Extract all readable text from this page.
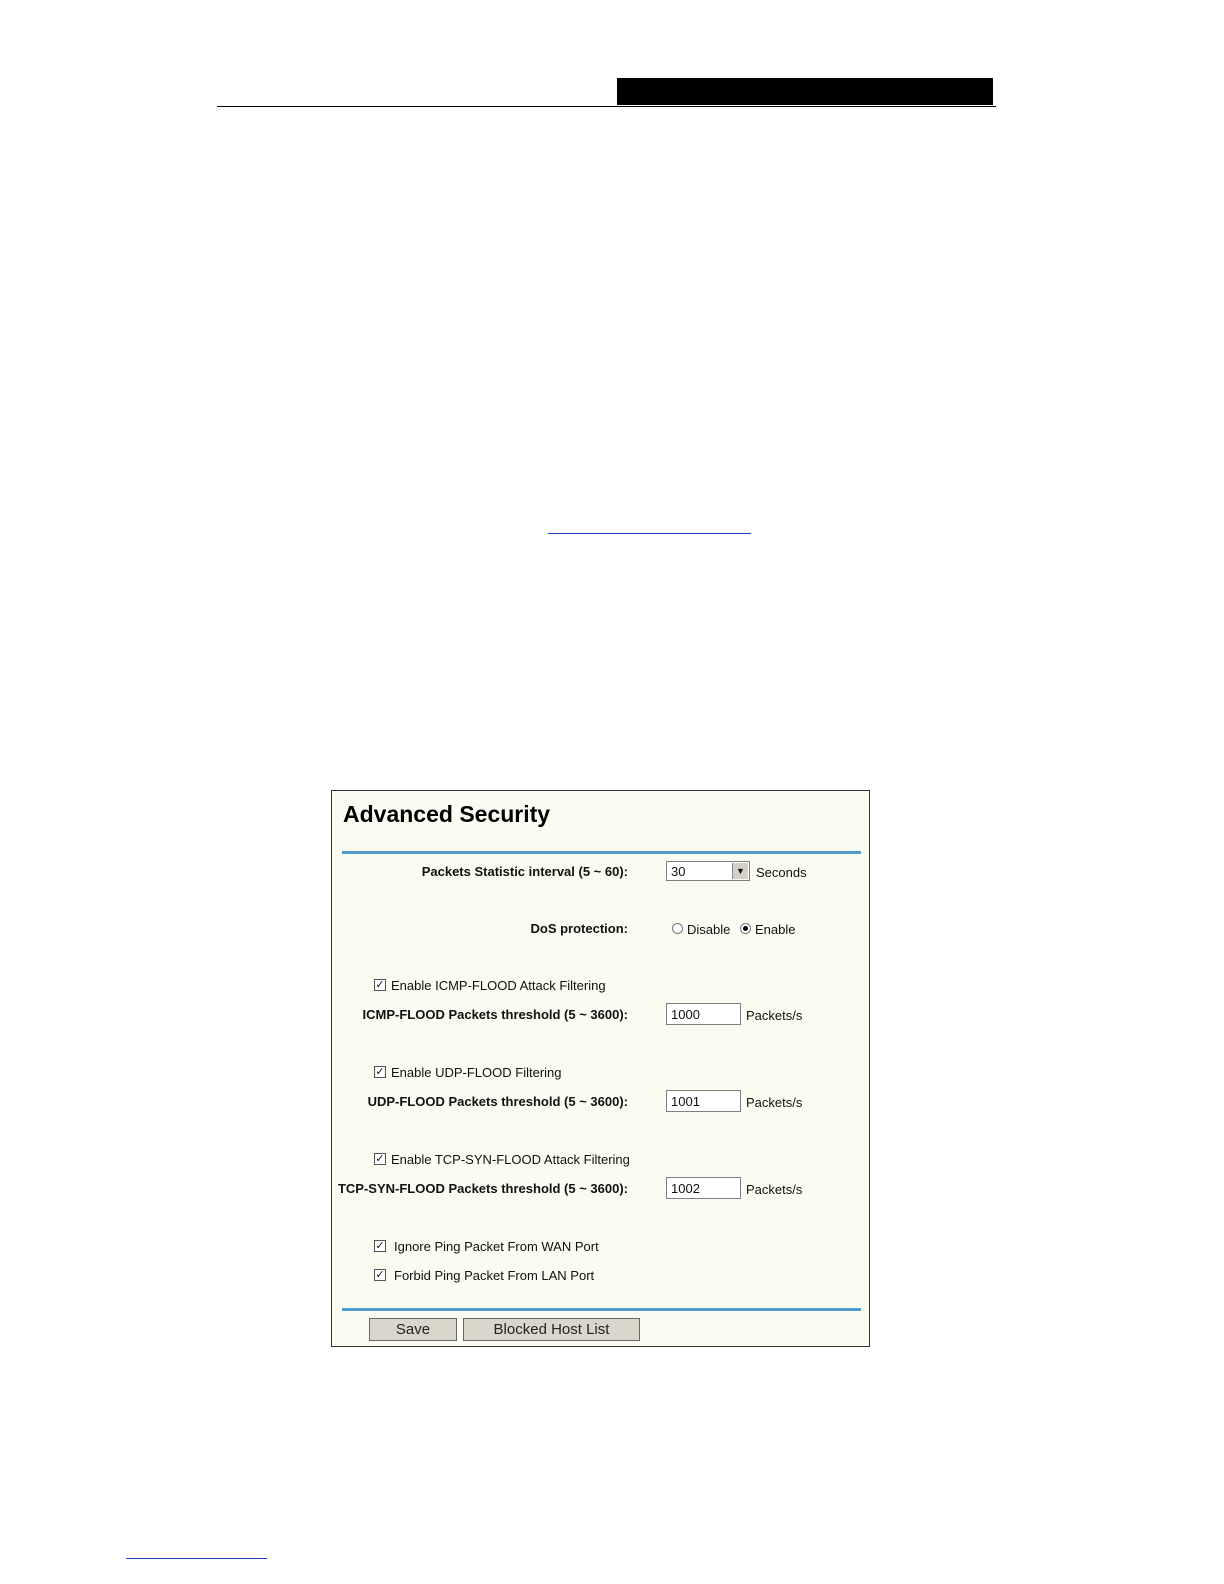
Advanced Security
Packets Statistic interval (5 ~ 60):	30	▼ Seconds
DoS protection:	Disable Enable
✓ Enable ICMP-FLOOD Attack Filtering
ICMP-FLOOD Packets threshold (5 ~ 3600):
1000	Packets/s
✓ Enable UDP-FLOOD Filtering
UDP-FLOOD Packets threshold (5 ~ 3600):
1001	Packets/s
✓ Enable TCP-SYN-FLOOD Attack Filtering
TCP-SYN-FLOOD Packets threshold (5 ~ 3600):
1002	Packets/s
✓ Ignore Ping Packet From WAN Port
✓ Forbid Ping Packet From LAN Port
Save	Blocked Host List
